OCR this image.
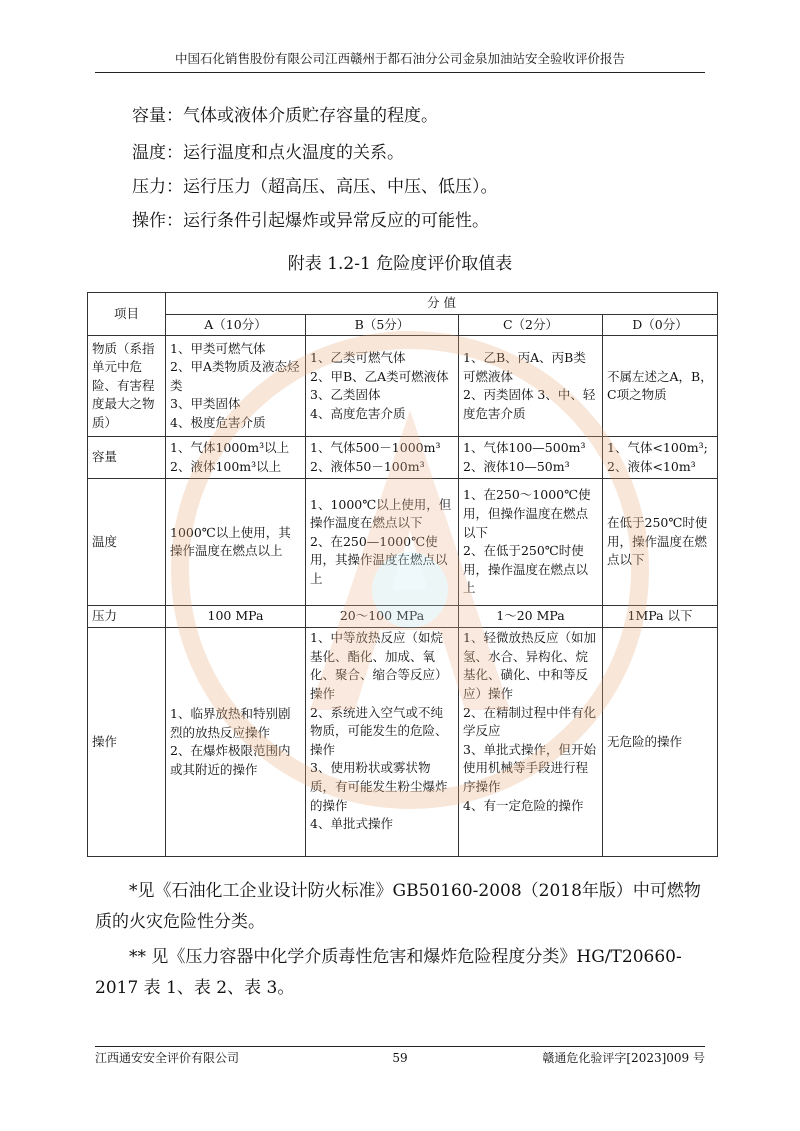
中国石化销售股份有限公司江西赣州于都石油分公司金泉加油站安全验收评价报告
容量：气体或液体介质贮存容量的程度。
温度：运行温度和点火温度的关系。
压力：运行压力（超高压、高压、中压、低压）。
操作：运行条件引起爆炸或异常反应的可能性。
附表 1.2-1 危险度评价取值表
项目	分 值			
	A（10分）	B（5分）	C（2分）	D（0分）
物质（系指单元中危险、有害程度最大之物质）	1、甲类可燃气体
2、甲A类物质及液态烃类
3、甲类固体
4、极度危害介质	1、乙类可燃气体
2、甲B、乙A类可燃液体
3、乙类固体
4、高度危害介质	1、乙B、丙A、丙B类可燃液体
2、丙类固体 3、中、轻度危害介质	不属左述之A，B，C项之物质
容量	1、气体1000m³以上
2、液体100m³以上	1、气体500－1000m³
2、液体50－100m³	1、气体100—500m³
2、液体10—50m³	1、气体<100m³;
2、液体<10m³
温度	1000℃以上使用，其操作温度在燃点以上	1、1000℃以上使用，但操作温度在燃点以下
2、在250—1000℃使用，其操作温度在燃点以上	1、在250～1000℃使用，但操作温度在燃点以下
2、在低于250℃时使用，操作温度在燃点以上	在低于250℃时使用，操作温度在燃点以下
压力	100 MPa	20～100 MPa	1～20 MPa	1MPa 以下
操作	1、临界放热和特别剧烈的放热反应操作
2、在爆炸极限范围内或其附近的操作	1、中等放热反应（如烷基化、酯化、加成、氧化、聚合、缩合等反应）操作
2、系统进入空气或不纯物质，可能发生的危险、操作
3、使用粉状或雾状物质，有可能发生粉尘爆炸的操作
4、单批式操作	1、轻微放热反应（如加氢、水合、异构化、烷基化、磺化、中和等反应）操作
2、在精制过程中伴有化学反应
3、单批式操作，但开始使用机械等手段进行程序操作
4、有一定危险的操作	无危险的操作
*见《石油化工企业设计防火标准》GB50160-2008（2018年版）中可燃物质的火灾危险性分类。
** 见《压力容器中化学介质毒性危害和爆炸危险程度分类》HG/T20660-2017 表 1、表 2、表 3。
江西通安安全评价有限公司	59	赣通危化验评字[2023]009 号
